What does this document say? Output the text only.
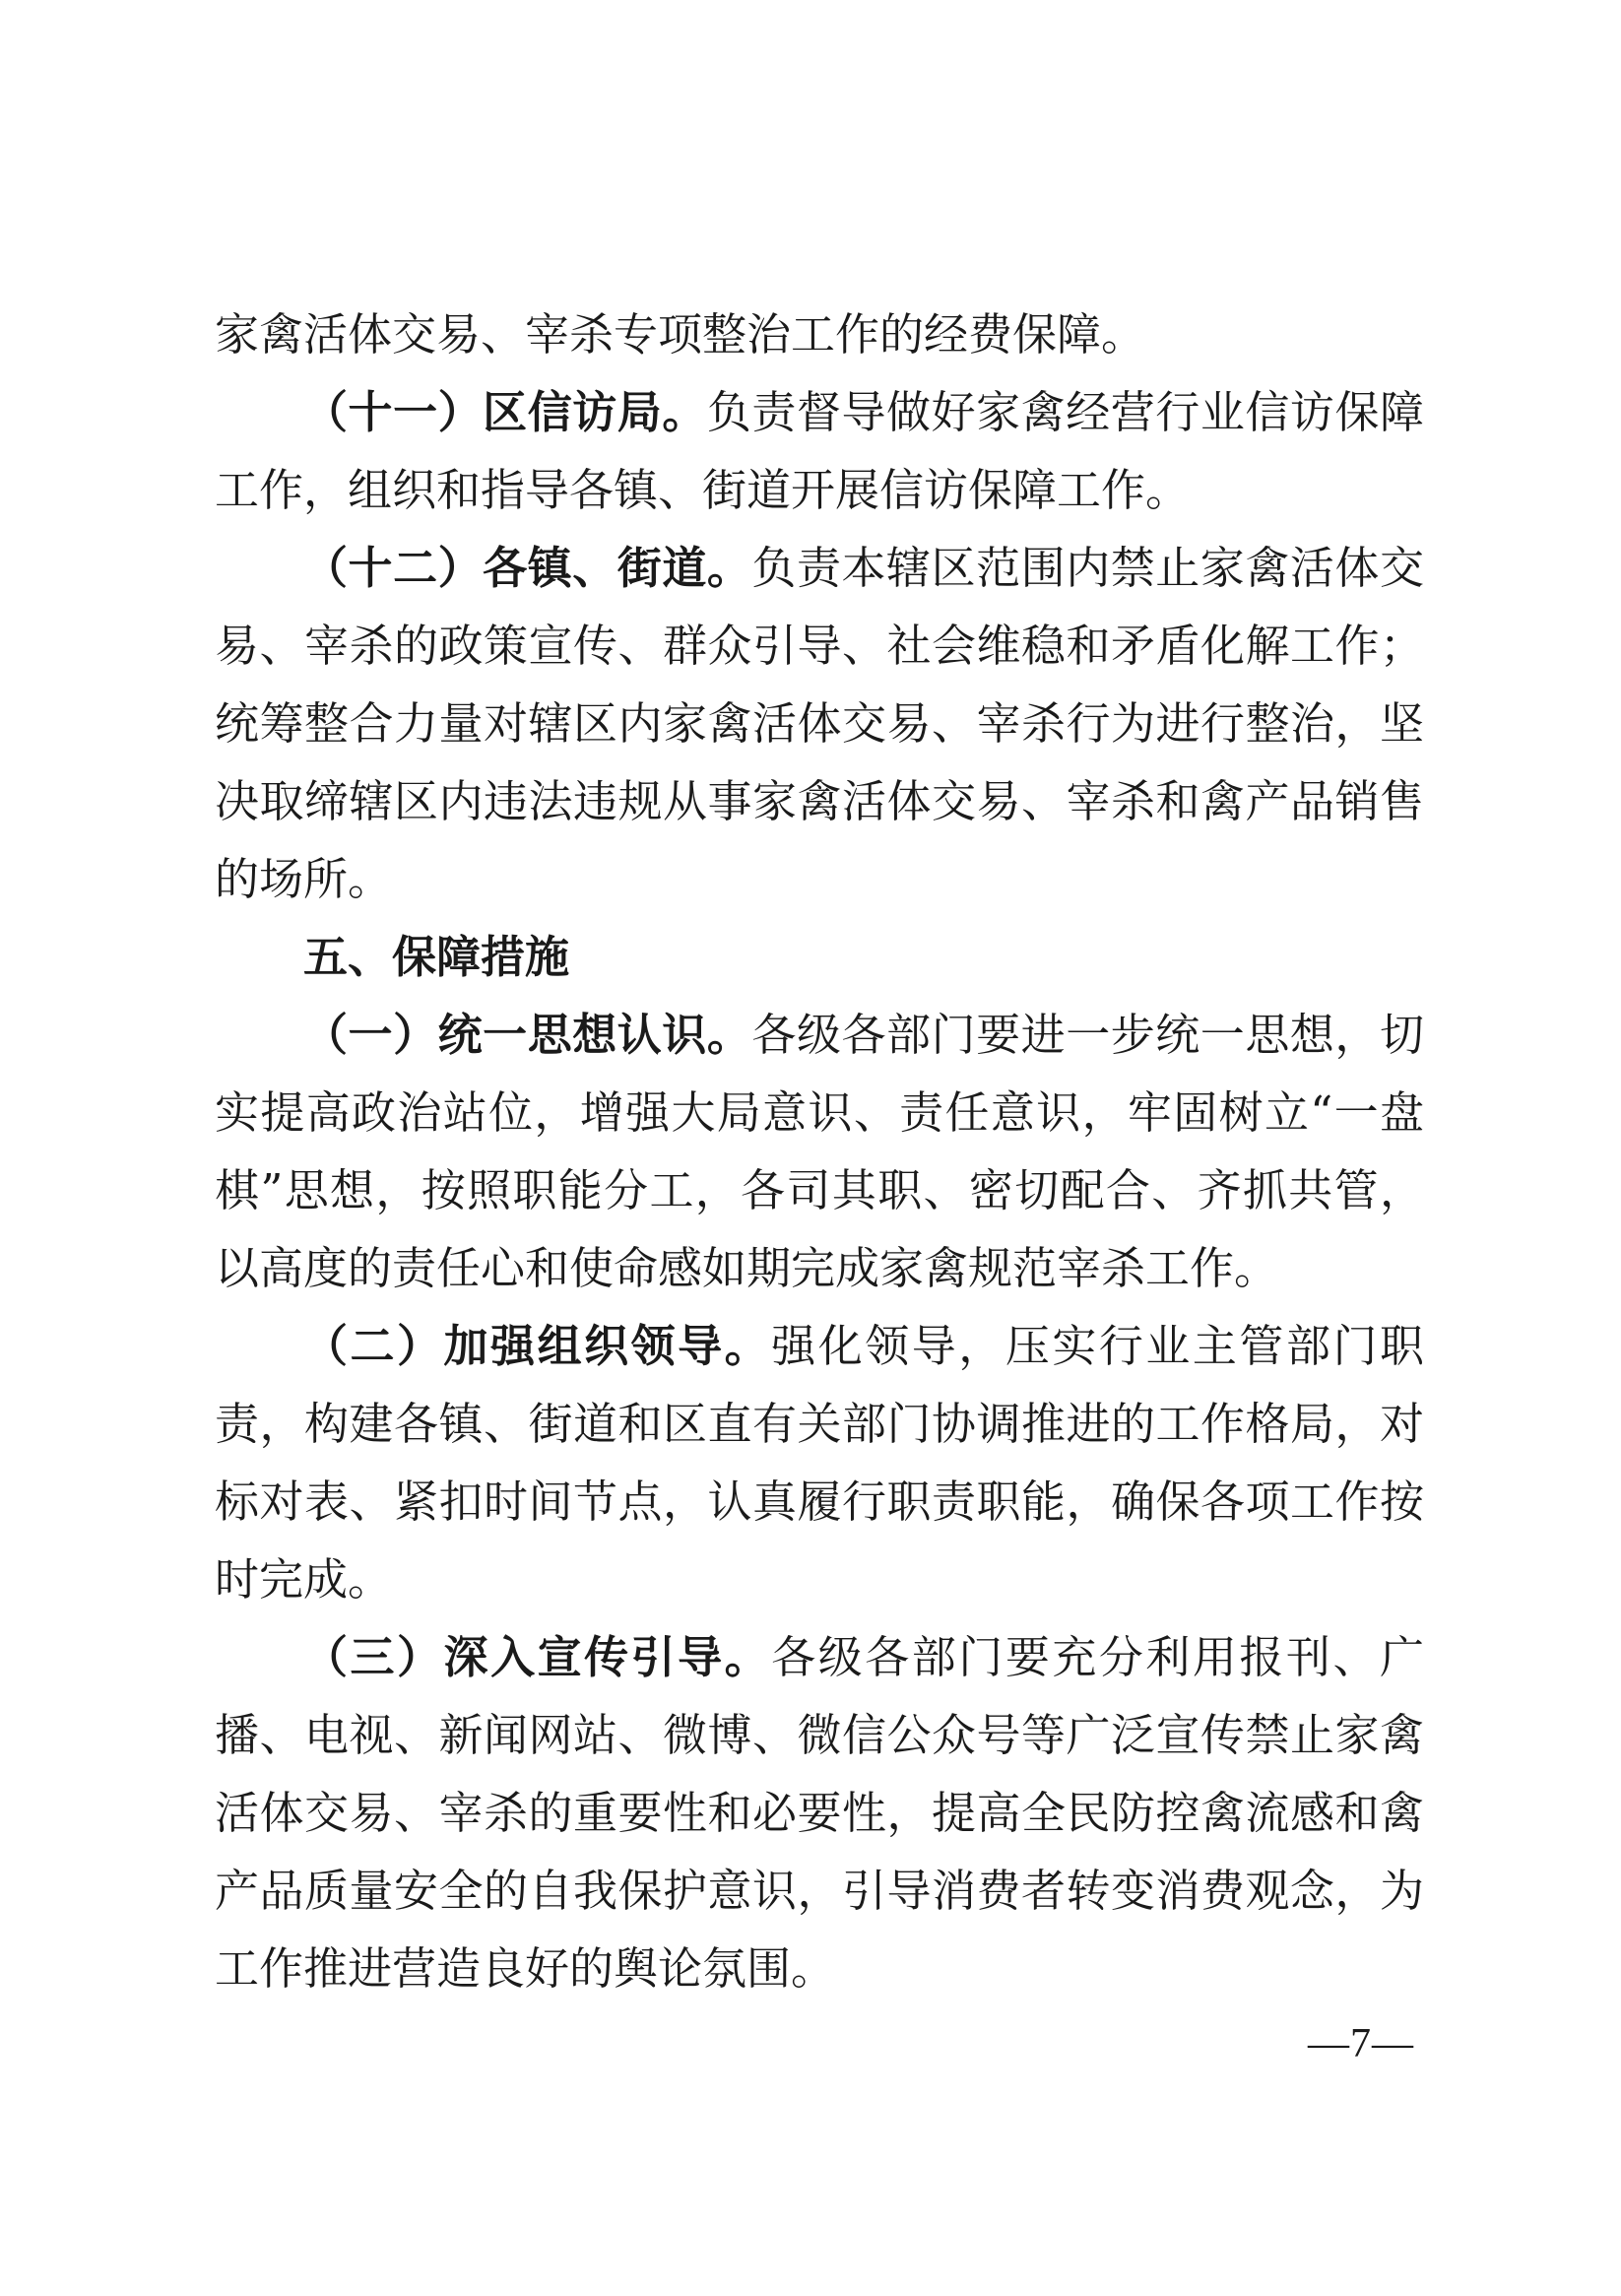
家禽活体交易、宰杀专项整治工作的经费保障。

（十一）区信访局。负责督导做好家禽经营行业信访保障工作，组织和指导各镇、街道开展信访保障工作。

（十二）各镇、街道。负责本辖区范围内禁止家禽活体交易、宰杀的政策宣传、群众引导、社会维稳和矛盾化解工作；统筹整合力量对辖区内家禽活体交易、宰杀行为进行整治，坚决取缔辖区内违法违规从事家禽活体交易、宰杀和禽产品销售的场所。

五、保障措施

（一）统一思想认识。各级各部门要进一步统一思想，切实提高政治站位，增强大局意识、责任意识，牢固树立“一盘棋”思想，按照职能分工，各司其职、密切配合、齐抓共管，以高度的责任心和使命感如期完成家禽规范宰杀工作。

（二）加强组织领导。强化领导，压实行业主管部门职责，构建各镇、街道和区直有关部门协调推进的工作格局，对标对表、紧扣时间节点，认真履行职责职能，确保各项工作按时完成。

（三）深入宣传引导。各级各部门要充分利用报刊、广播、电视、新闻网站、微博、微信公众号等广泛宣传禁止家禽活体交易、宰杀的重要性和必要性，提高全民防控禽流感和禽产品质量安全的自我保护意识，引导消费者转变消费观念，为工作推进营造良好的舆论氛围。

—7—
